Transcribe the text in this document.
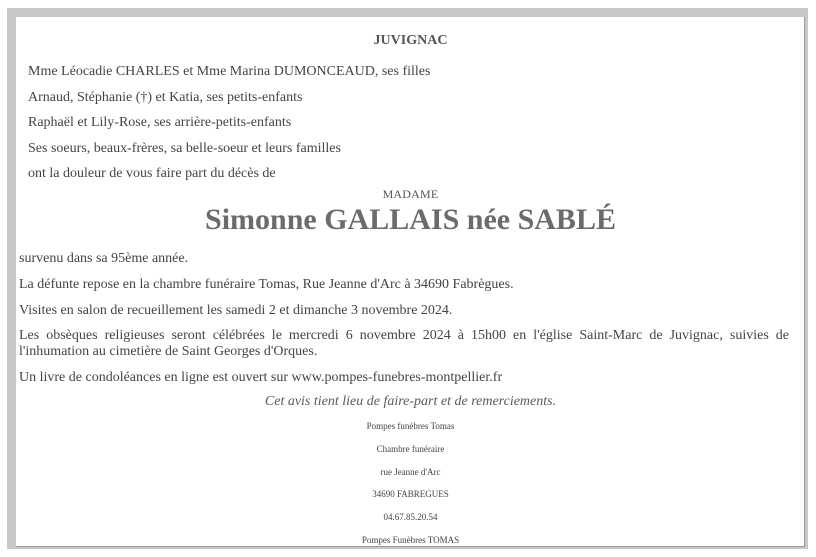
JUVIGNAC
Mme Léocadie CHARLES et Mme Marina DUMONCEAUD, ses filles
Arnaud, Stéphanie (†) et Katia, ses petits-enfants
Raphaël et Lily-Rose, ses arrière-petits-enfants
Ses soeurs, beaux-frères, sa belle-soeur et leurs familles
ont la douleur de vous faire part du décès de
MADAME
Simonne GALLAIS née SABLÉ
survenu dans sa 95ème année.
La défunte repose en la chambre funéraire Tomas, Rue Jeanne d'Arc à 34690 Fabrègues.
Visites en salon de recueillement les samedi 2 et dimanche 3 novembre 2024.
Les obsèques religieuses seront célébrées le mercredi 6 novembre 2024 à 15h00 en l'église Saint-Marc de Juvignac, suivies de l'inhumation au cimetière de Saint Georges d'Orques.
Un livre de condoléances en ligne est ouvert sur www.pompes-funebres-montpellier.fr
Cet avis tient lieu de faire-part et de remerciements.
Pompes funèbres Tomas
Chambre funéraire
rue Jeanne d'Arc
34690 FABREGUES
04.67.85.20.54
Pompes Funèbres TOMAS
